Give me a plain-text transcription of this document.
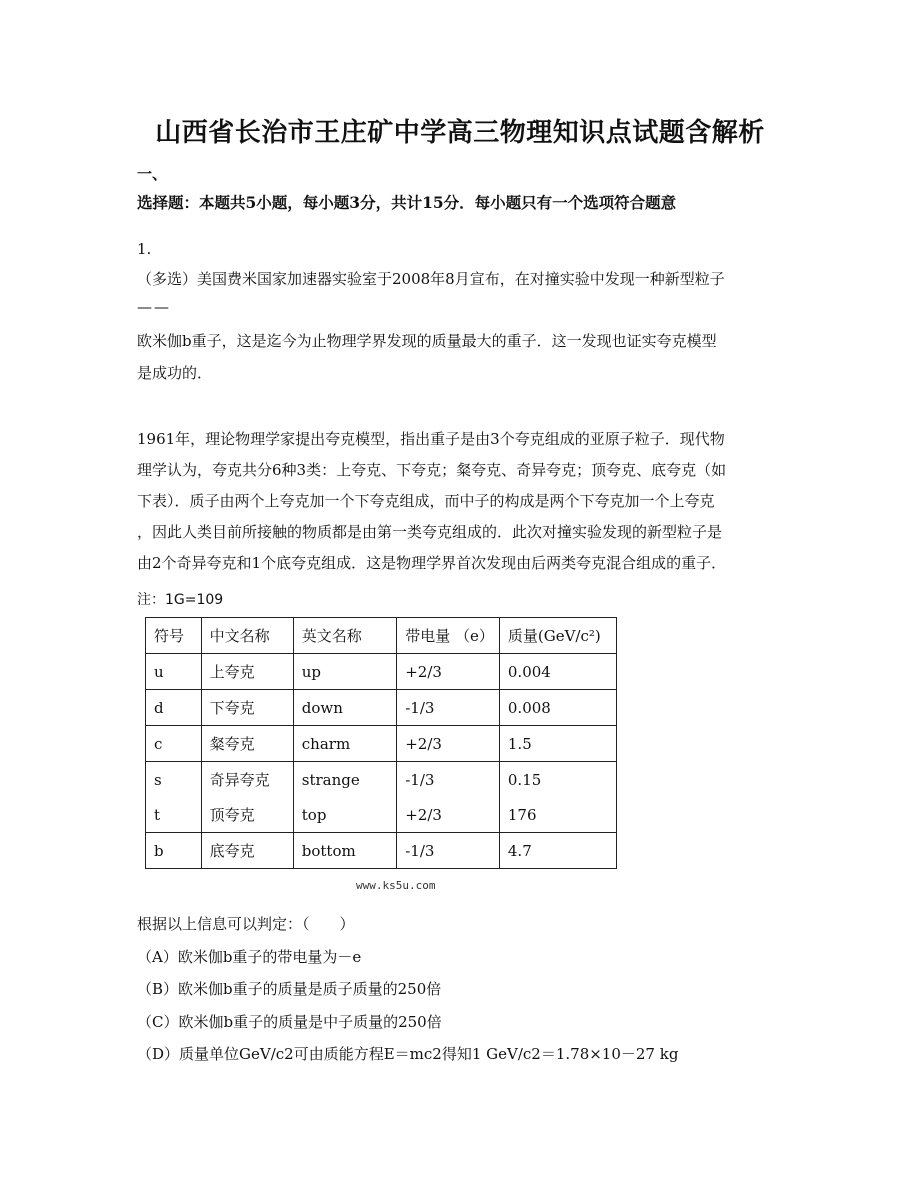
山西省长治市王庄矿中学高三物理知识点试题含解析
一、
选择题：本题共5小题，每小题3分，共计15分．每小题只有一个选项符合题意
1.
（多选）美国费米国家加速器实验室于2008年8月宣布，在对撞实验中发现一种新型粒子
——
欧米伽b重子，这是迄今为止物理学界发现的质量最大的重子．这一发现也证实夸克模型
是成功的．
1961年，理论物理学家提出夸克模型，指出重子是由3个夸克组成的亚原子粒子．现代物
理学认为，夸克共分6种3类：上夸克、下夸克；粲夸克、奇异夸克；顶夸克、底夸克（如
下表）．质子由两个上夸克加一个下夸克组成，而中子的构成是两个下夸克加一个上夸克
，因此人类目前所接触的物质都是由第一类夸克组成的．此次对撞实验发现的新型粒子是
由2个奇异夸克和1个底夸克组成．这是物理学界首次发现由后两类夸克混合组成的重子．
注：1G=109
符号	中文名称	英文名称	带电量 （e）	质量(GeV/c²)
u	上夸克	up	+2/3	0.004
d	下夸克	down	-1/3	0.008
c	粲夸克	charm	+2/3	1.5
s	奇异夸克	strange	-1/3	0.15
t	顶夸克	top	+2/3	176
b	底夸克	bottom	-1/3	4.7
www.ks5u.com
根据以上信息可以判定：（　　）
（A）欧米伽b重子的带电量为－e
（B）欧米伽b重子的质量是质子质量的250倍
（C）欧米伽b重子的质量是中子质量的250倍
（D）质量单位GeV/c2可由质能方程E＝mc2得知1 GeV/c2＝1.78×10－27 kg
